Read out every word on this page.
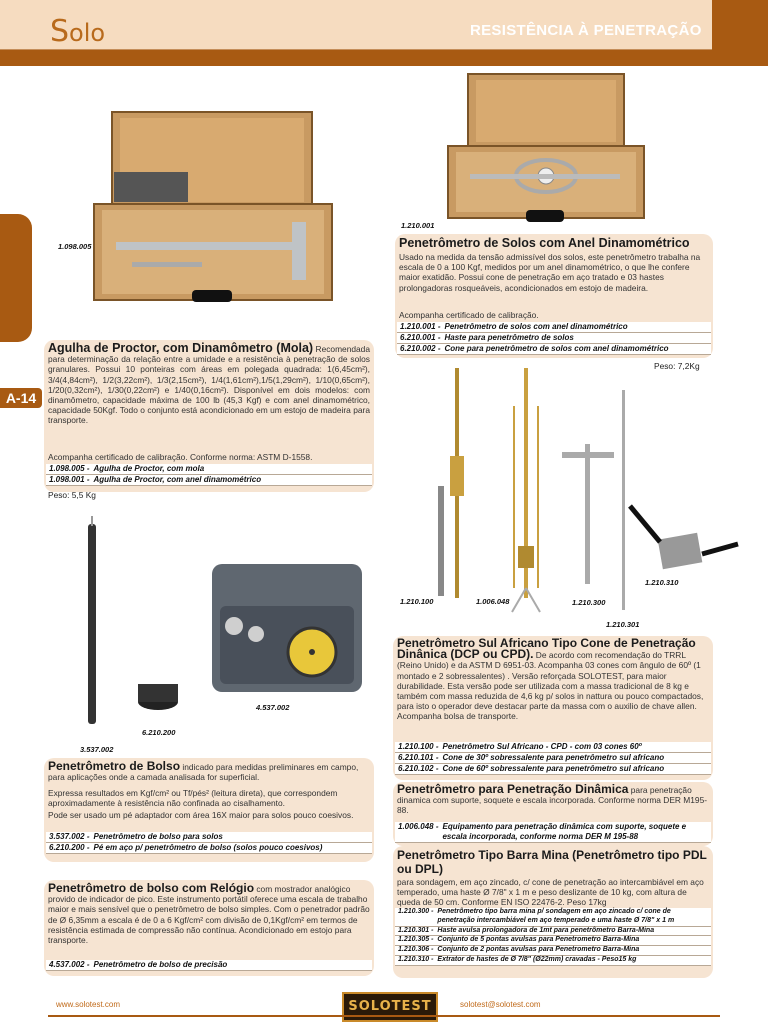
Solo	RESISTÊNCIA À PENETRAÇÃO
A-14
1.098.005
1.210.001
Penetrômetro de Solos com Anel Dinamométrico
Usado na medida da tensão admissível dos solos, este penetrômetro trabalha na escala de 0 a 100 Kgf, medidos por um anel dinamométrico, o que lhe confere maior exatidão. Possui cone de penetração em aço tratado e 03 hastes prolongadoras rosqueáveis, acondicionados em estojo de madeira.
Acompanha certificado de calibração.
1.210.001 - Penetrômetro de solos com anel dinamométrico
6.210.001 - Haste para penetrômetro de solos
6.210.002 - Cone para penetrômetro de solos com anel dinamométrico
Peso: 7,2Kg
Agulha de Proctor, com Dinamômetro (Mola) Recomendada para determinação da relação entre a umidade e a resistência à penetração de solos granulares. Possui 10 ponteiras com áreas em polegada quadrada: 1(6,45cm²), 3/4(4,84cm²), 1/2(3,22cm²), 1/3(2,15cm²), 1/4(1,61cm²),1/5(1,29cm²), 1/10(0,65cm²), 1/20(0,32cm²), 1/30(0,22cm²) e 1/40(0,16cm²). Disponível em dois modelos: com dinamômetro, capacidade máxima de 100 lb (45,3 Kgf) e com anel dinamométrico, capacidade 50Kgf. Todo o conjunto está acondicionado em um estojo de madeira para transporte.
Acompanha certificado de calibração. Conforme norma: ASTM D-1558.
1.098.005 - Agulha de Proctor, com mola
1.098.001 - Agulha de Proctor, com anel dinamométrico
Peso: 5,5 Kg
1.210.100	1.006.048	1.210.300
1.210.301
1.210.310
3.537.002
6.210.200
4.537.002
Penetrômetro Sul Africano Tipo Cone de Penetração Dinânica (DCP ou CPD). De acordo com recomendação do TRRL (Reino Unido) e da ASTM D 6951-03. Acompanha 03 cones com ângulo de 60º (1 montado e 2 sobressalentes) . Versão reforçada SOLOTEST, para maior durabilidade. Esta versão pode ser utilizada com a massa tradicional de 8 kg e também com massa reduzida de 4,6 kg p/ solos in nattura ou pouco compactados, para isto o operador deve destacar parte da massa com o auxilio de chave allen. Acompanha bolsa de transporte.
1.210.100 - Penetrômetro Sul Africano - CPD - com 03 cones 60º
6.210.101 - Cone de 30º sobressalente para penetrômetro sul africano
6.210.102 - Cone de 60º sobressalente para penetrômetro sul africano
Penetrômetro para Penetração Dinâmica para penetração dinamica com suporte, soquete e escala incorporada. Conforme norma DER M195-88.
1.006.048 - Equipamento para penetração dinâmica com suporte, soquete e escala incorporada, conforme norma DER M 195-88
Penetrômetro Tipo Barra Mina (Penetrômetro tipo PDL ou DPL)
para sondagem, em aço zincado, c/ cone de penetração ao intercambiável em aço temperado, uma haste Ø 7/8" x 1 m e peso deslizante de 10 kg, com altura de queda de 50 cm. Conforme EN ISO 22476-2. Peso 17kg
1.210.300 - Penetrômetro tipo barra mina p/ sondagem em aço zincado c/ cone de penetração intercambiável em aço temperado e uma haste Ø 7/8" x 1 m
1.210.301 - Haste avulsa prolongadora de 1mt para penetrômetro Barra-Mina
1.210.305 - Conjunto de 5 pontas avulsas para Penetrometro Barra-Mina
1.210.306 - Conjunto de 2 pontas avulsas para Penetrometro Barra-Mina
1.210.310 - Extrator de hastes de Ø 7/8" (Ø22mm) cravadas - Peso15 kg
Penetrômetro de Bolso indicado para medidas preliminares em campo, para aplicações onde a camada analisada for superficial.
Expressa resultados em Kgf/cm² ou Tf/pés² (leitura direta), que correspondem aproximadamente à resistência não confinada ao cisalhamento.
Pode ser usado um pé adaptador com área 16X maior para solos pouco coesivos.
3.537.002 - Penetrômetro de bolso para solos
6.210.200 - Pé em aço p/ penetrômetro de bolso (solos pouco coesivos)
Penetrômetro de bolso com Relógio com mostrador analógico provido de indicador de pico. Este instrumento portátil oferece uma escala de trabalho maior e mais sensível que o penetrômetro de bolso simples. Com o penetrador padrão de Ø 6,35mm a escala é de 0 a 6 Kgf/cm² com divisão de 0,1Kgf/cm² em termos de resistência estimada de compressão não contínua. Acondicionado em estojo para transporte.
4.537.002 - Penetrômetro de bolso de precisão
www.solotest.com	SOLOTEST	solotest@solotest.com
